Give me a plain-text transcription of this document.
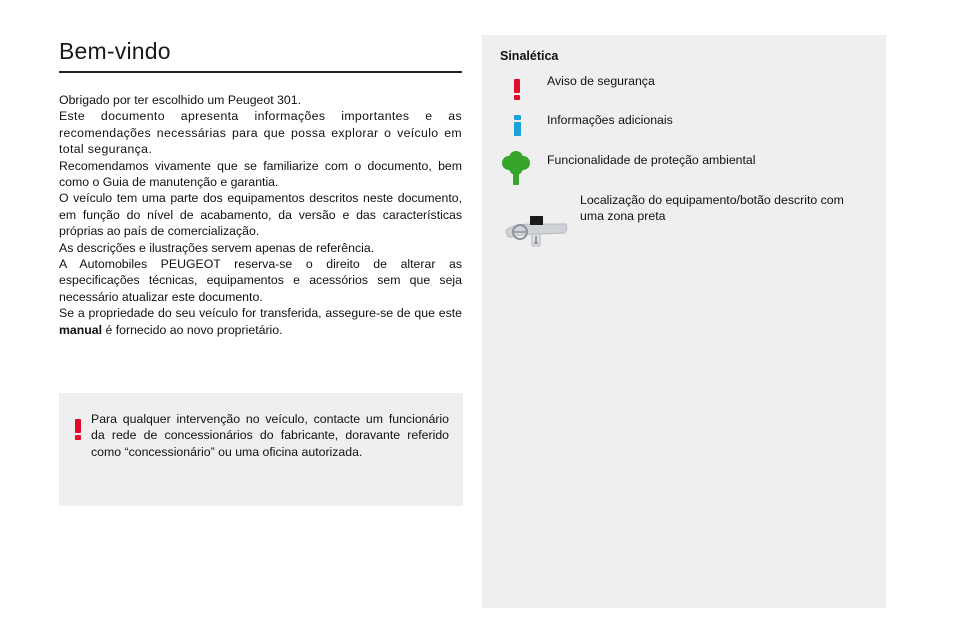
Bem-vindo

Obrigado por ter escolhido um Peugeot 301.

Este documento apresenta informações importantes e as recomendações necessárias para que possa explorar o veículo em total segurança.

Recomendamos vivamente que se familiarize com o documento, bem como o Guia de manutenção e garantia.

O veículo tem uma parte dos equipamentos descritos neste documento, em função do nível de acabamento, da versão e das características próprias ao país de comercialização.

As descrições e ilustrações servem apenas de referência.

A Automobiles PEUGEOT reserva-se o direito de alterar as especificações técnicas, equipamentos e acessórios sem que seja necessário atualizar este documento.

Se a propriedade do seu veículo for transferida, assegure-se de que este manual é fornecido ao novo proprietário.

Para qualquer intervenção no veículo, contacte um funcionário da rede de concessionários do fabricante, doravante referido como “concessionário” ou uma oficina autorizada.

Sinalética
Aviso de segurança
Informações adicionais
Funcionalidade de proteção ambiental
Localização do equipamento/botão descrito com uma zona preta
